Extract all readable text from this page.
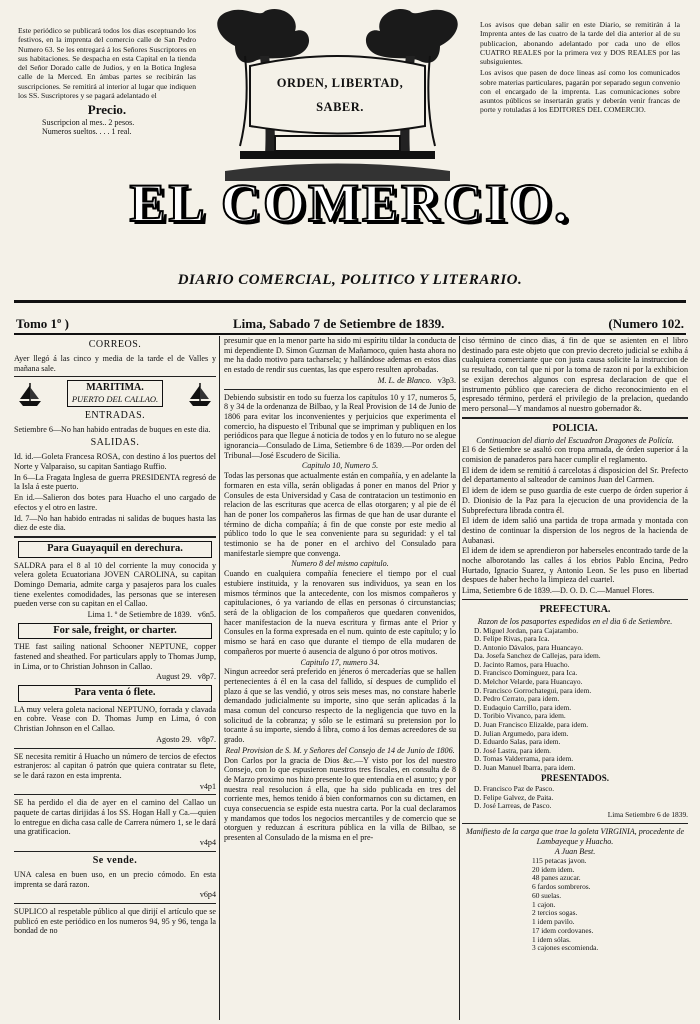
Este periódico se publicará todos los dias esceptuando los festivos, en la imprenta del comercio calle de San Pedro Numero 63. Se les entregará á los Señores Suscriptores en sus habitaciones. Se despacha en esta Capital en la tienda del Señor Dorado calle de Judios, y en la Botica Inglesa calle de la Merced. En ámbas partes se recibirán las suscripciones. Se remitirá al interior al lugar que indiquen los SS. Suscriptores y se pagará adelantado el

Precio.
Suscripcion al mes.. 2 pesos.
Numeros sueltos. . . . 1 real.
ORDEN, LIBERTAD,
SABER.

Los avisos que deban salir en este Diario, se remitirán á la Imprenta antes de las cuatro de la tarde del dia anterior al de su publicacion, abonando adelantado por cada uno de ellos CUATRO REALES por la primera vez y DOS REALES por las subsiguientes.

Los avisos que pasen de doce lineas así como los comunicados sobre materias particulares, pagarán por separado segun convenio con el encargado de la imprenta. Las comunicaciones sobre asuntos públicos se insertarán gratis y deberán venir francas de porte y rotuladas á los EDITORES DEL COMERCIO.

EL COMERCIO.
DIARIO COMERCIAL, POLITICO Y LITERARIO.
Tomo 1º )	Lima, Sabado 7 de Setiembre de 1839.	(Numero 102.
CORREOS.

Ayer llegó á las cinco y media de la tarde el de Valles y mañana sale.

MARITIMA.
PUERTO DEL CALLAO.
ENTRADAS.

Setiembre 6—No han habido entradas de buques en este dia.

SALIDAS.

Id. id.—Goleta Francesa ROSA, con destino á los puertos del Norte y Valparaiso, su capitan Santiago Ruffio.

In 6—La Fragata Inglesa de guerra PRESIDENTA regresó de la Isla á este puerto.

En id.—Salieron dos botes para Huacho el uno cargado de efectos y el otro en lastre.

Id. 7—No han habido entradas ni salidas de buques hasta las diez de este dia.

Para Guayaquil en derechura.

SALDRA para el 8 al 10 del corriente la muy conocida y velera goleta Ecuatoriana JOVEN CAROLINA, su capitan Domingo Demaria, admite carga y pasajeros para los cuales tiene exelentes comodidades, las personas que se interesen pueden verse con su capitan en el Callao.

Lima 1. º de Setiembre de 1839. v6n5.

For sale, freight, or charter.

THE fast sailing national Schooner NEPTUNE, copper fastened and sheathed. For particulars apply to Thomas Jump, in Lima, or to Christian Johnson in Callao.

August 29. v8p7.

Para venta ó flete.

LA muy velera goleta nacional NEPTUNO, forrada y clavada en cobre. Vease con D. Thomas Jump en Lima, ó con Christian Johnson en el Callao.

Agosto 29. v8p7.

SE necesita remitir á Huacho un número de tercios de efectos estranjeros: al capitan ó patrón que quiera contratar su flete, se le dará razon en esta imprenta.

v4p1

SE ha perdido el dia de ayer en el camino del Callao un paquete de cartas dirijidas á los SS. Hogan Hall y Ca.—quien lo entregue en dicha casa calle de Carrera número 1, se le dará una gratificacion.

v4p4

Se vende.

UNA calesa en buen uso, en un precio cómodo. En esta imprenta se dará razon.

v6p4

SUPLICO al respetable público al que dirijí el artículo que se publicó en este periódico en los numeros 94, 95 y 96, tenga la bondad de no

presumir que en la menor parte ha sido mi espíritu tildar la conducta de mi dependiente D. Simon Guzman de Mañamoco, quien hasta ahora no me ha dado motivo para tacharsela; y hallándose ademas en estos dias en estado de rendir sus cuentas, las que espero resulten aprobadas.

M. L. de Blanco. v3p3.

Debiendo subsistir en todo su fuerza los capítulos 10 y 17, numeros 5, 8 y 34 de la ordenanza de Bilbao, y la Real Provision de 14 de Junio de 1806 para evitar los inconvenientes y perjuicios que experimenta el comercio, ha dispuesto el Tribunal que se impriman y publiquen en los periódicos para que llegue á noticia de todos y en lo futuro no se alegue ignorancia—Consulado de Lima, Setiembre 6 de 1839.—Por orden del Tribunal—José Escudero de Sicilia.

Capitulo 10, Numero 5.

Todas las personas que actualmente están en compañía, y en adelante la formaren en esta villa, serán obligadas á poner en manos del Prior y Consules de esta Universidad y Casa de contratacion un testimonio en relacion de las escrituras que acerca de ellas otorgaren; y al pie de él han de poner los compañeros las firmas de que han de usar durante el término de dicha compañía; á fin de que conste por este medio al público todo lo que le sea conveniente para su seguridad: y el tal testimonio se ha de poner en el archivo del Consulado para manifestarle siempre que convenga.

Numero 8 del mismo capitulo.

Cuando en cualquiera compañía feneciere el tiempo por el cual estubiere instituida, y la renovaren sus individuos, ya sean en los mismos términos que la antecedente, con los mismos compañeros y capitulaciones, ó ya variando de ellas en personas ó circunstancias; será de la obligacion de los compañeros que quedaren convenidos, hacer manifestacion de la nueva escritura y firmas ante el Prior y Consules en la forma expresada en el num. quinto de este capítulo; y lo mismo se hará en caso que durante el tiempo de ella mudaren de compañeros por muerte ó ausencia de alguno ó por otros motivos.

Capitulo 17, numero 34.

Ningun acreedor será preferido en jéneros ó mercaderías que se hallen pertenecientes á él en la casa del fallido, sí despues de cumplido el plazo á que se las vendió, y otros seis meses mas, no constare haberle demandado judicialmente su importe, sino que serán aplicadas á la masa comun del concurso respecto de la negligencia que tuvo en la solicitud de la cobranza; y sólo se le estimará su pretension por lo tocante á su importe, siendo á libra, como á los demas acreedores de su grado.

Real Provision de S. M. y Señores del Consejo de 14 de Junio de 1806.

Don Carlos por la gracia de Dios &c.—Y visto por los del nuestro Consejo, con lo que espusieron nuestros tres fiscales, en consulta de 8 de Marzo proximo nos hizo presente lo que entendía en el asunto; y por nuestra real resolucion á ella, que ha sido publicada en tres del corriente mes, hemos tenido á bien conformarnos con su dictamen, en cuya consecuencia se espide esta nuestra carta. Por la cual declaramos y mandamos que todos los negocios mercantiles y de comercio que se otorguen y reduzcan á escritura pública en la villa de Bilbao, se presenten al Consulado de la misma en el pre-

ciso término de cinco dias, á fin de que se asienten en el libro destinado para este objeto que con previo decreto judicial se exhiba á cualquiera comerciante que con justa causa solicite la instruccion de su resultado, con tal que ni por la toma de razon ni por la exhibicion se exijan derechos algunos con espresa declaracion de que el instrumento público que careciera de dicho reconocimiento en el espresado término, perderá el privilegio de la prelacion, quedando mero personal—Y mandamos al nuestro gobernador &.

POLICIA.
Continuacion del diario del Escuadron Dragones de Policía.

El 6 de Setiembre se asaltó con tropa armada, de órden superior á la comision de panaderos para hacer cumplir el reglamento.

El idem de idem se remitió á carcelotas á disposicion del Sr. Prefecto del departamento al salteador de caminos Juan del Carmen.

El idem de idem se puso guardia de este cuerpo de órden superior á D. Dionisio de la Paz para la ejecucion de una providencia de la Subprefectura librada contra él.

El idem de idem salió una partida de tropa armada y montada con destino de continuar la dispersion de los negros de la hacienda de Aubanasi.

El idem de idem se aprendieron por haberseles encontrado tarde de la noche alborotando las calles á los ebrios Pablo Encina, Pedro Hurtado, Ignacio Suarez, y Antonio Leon. Se les puso en libertad despues de haber hecho la limpieza del cuartel.

Lima, Setiembre 6 de 1839.—D. O. D. C.—Manuel Flores.

PREFECTURA.
Razon de los pasaportes espedidos en el dia 6 de Setiembre.
D. Miguel Jordan, para Cajatambo.
D. Felipe Rivas, para Ica.
D. Antonio Dávalos, para Huancayo.
Da. Josefa Sanchez de Callejas, para idem.
D. Jacinto Ramos, para Huacho.
D. Francisco Dominguez, para Ica.
D. Melchor Velarde, para Huancayo.
D. Francisco Gorrochategui, para idem.
D. Pedro Cerrato, para idem.
D. Eudaquio Carrillo, para idem.
D. Toribio Vivanco, para idem.
D. Juan Francisco Elizalde, para idem.
D. Julian Argumedo, para idem.
D. Eduardo Salas, para idem.
D. José Lastra, para idem.
D. Tomas Valderrama, para idem.
D. Juan Manuel Ibarra, para idem.
PRESENTADOS.
D. Francisco Paz de Pasco.
D. Felipe Galvez, de Paita.
D. José Larreas, de Pasco.

Lima Setiembre 6 de 1839.

Manifiesto de la carga que trae la goleta VIRGINIA, procedente de Lambayeque y Huacho.

A Juan Best.
115 petacas javon.
20 idem idem.
48 panes azucar.
6 fardos sombreros.
60 suelas.
1 cajon.
2 tercios sogas.
1 idem pavilo.
17 idem cordovanes.
1 idem sólas.
3 cajones escomienda.
